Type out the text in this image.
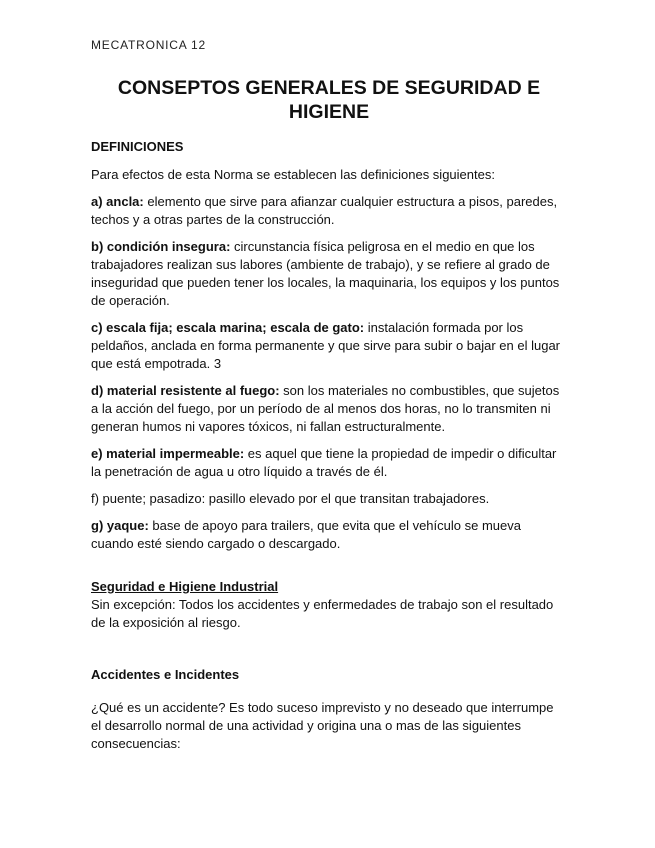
MECATRONICA 12
CONSEPTOS GENERALES DE SEGURIDAD E HIGIENE

DEFINICIONES

Para efectos de esta Norma se establecen las definiciones siguientes:

a) ancla: elemento que sirve para afianzar cualquier estructura a pisos, paredes, techos y a otras partes de la construcción.

b) condición insegura: circunstancia física peligrosa en el medio en que los trabajadores realizan sus labores (ambiente de trabajo), y se refiere al grado de inseguridad que pueden tener los locales, la maquinaria, los equipos y los puntos de operación.

c) escala fija; escala marina; escala de gato: instalación formada por los peldaños, anclada en forma permanente y que sirve para subir o bajar en el lugar que está empotrada. 3

d) material resistente al fuego: son los materiales no combustibles, que sujetos a la acción del fuego, por un período de al menos dos horas, no lo transmiten ni generan humos ni vapores tóxicos, ni fallan estructuralmente.

e) material impermeable: es aquel que tiene la propiedad de impedir o dificultar la penetración de agua u otro líquido a través de él.

f) puente; pasadizo: pasillo elevado por el que transitan trabajadores.

g) yaque: base de apoyo para trailers, que evita que el vehículo se mueva cuando esté siendo cargado o descargado.

Seguridad e Higiene Industrial

Sin excepción: Todos los accidentes y enfermedades de trabajo son el resultado de la exposición al riesgo.

Accidentes e Incidentes

¿Qué es un accidente? Es todo suceso imprevisto y no deseado que interrumpe el desarrollo normal de una actividad y origina una o mas de las siguientes consecuencias:
